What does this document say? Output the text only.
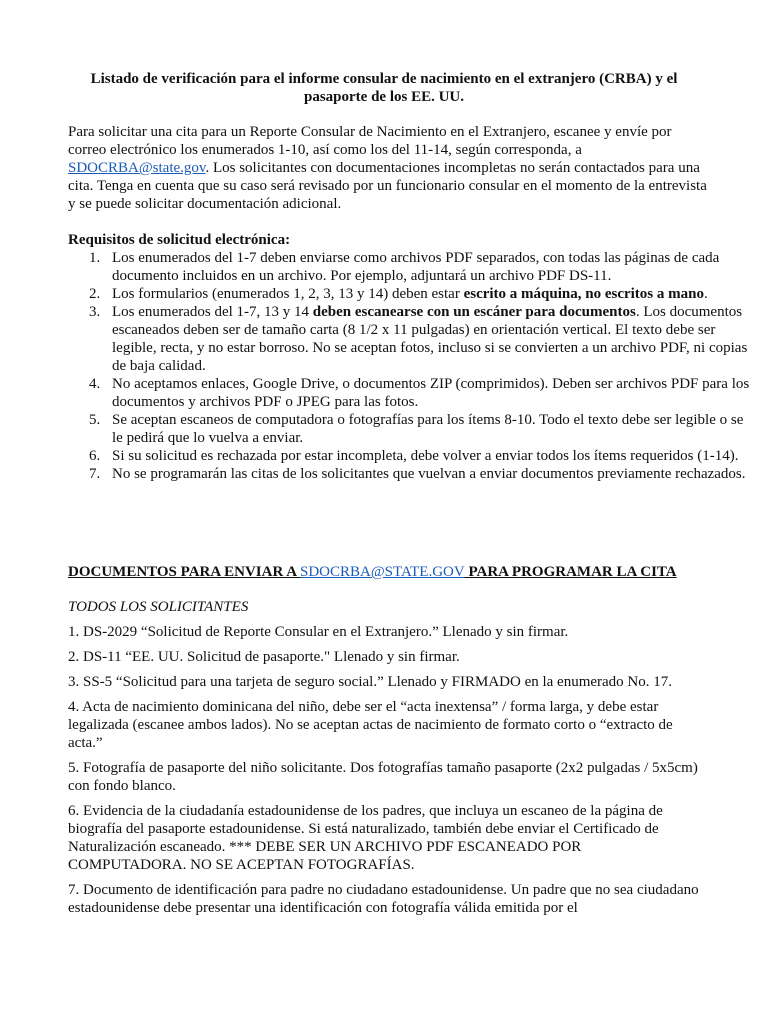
Listado de verificación para el informe consular de nacimiento en el extranjero (CRBA) y el pasaporte de los EE. UU.
Para solicitar una cita para un Reporte Consular de Nacimiento en el Extranjero, escanee y envíe por correo electrónico los enumerados 1-10, así como los del 11-14, según corresponda, a SDOCRBA@state.gov. Los solicitantes con documentaciones incompletas no serán contactados para una cita. Tenga en cuenta que su caso será revisado por un funcionario consular en el momento de la entrevista y se puede solicitar documentación adicional.
Requisitos de solicitud electrónica:
1. Los enumerados del 1-7 deben enviarse como archivos PDF separados, con todas las páginas de cada documento incluidos en un archivo. Por ejemplo, adjuntará un archivo PDF DS-11.
2. Los formularios (enumerados 1, 2, 3, 13 y 14) deben estar escrito a máquina, no escritos a mano.
3. Los enumerados del 1-7, 13 y 14 deben escanearse con un escáner para documentos. Los documentos escaneados deben ser de tamaño carta (8 1/2 x 11 pulgadas) en orientación vertical. El texto debe ser legible, recta, y no estar borroso. No se aceptan fotos, incluso si se convierten a un archivo PDF, ni copias de baja calidad.
4. No aceptamos enlaces, Google Drive, o documentos ZIP (comprimidos). Deben ser archivos PDF para los documentos y archivos PDF o JPEG para las fotos.
5. Se aceptan escaneos de computadora o fotografías para los ítems 8-10. Todo el texto debe ser legible o se le pedirá que lo vuelva a enviar.
6. Si su solicitud es rechazada por estar incompleta, debe volver a enviar todos los ítems requeridos (1-14).
7. No se programarán las citas de los solicitantes que vuelvan a enviar documentos previamente rechazados.
DOCUMENTOS PARA ENVIAR A SDOCRBA@STATE.GOV PARA PROGRAMAR LA CITA
TODOS LOS SOLICITANTES
1. DS-2029 “Solicitud de Reporte Consular en el Extranjero.” Llenado y sin firmar.
2. DS-11 “EE. UU. Solicitud de pasaporte." Llenado y sin firmar.
3. SS-5 “Solicitud para una tarjeta de seguro social.” Llenado y FIRMADO en la enumerado No. 17.
4. Acta de nacimiento dominicana del niño, debe ser el “acta inextensa” / forma larga, y debe estar legalizada (escanee ambos lados). No se aceptan actas de nacimiento de formato corto o “extracto de acta.”
5. Fotografía de pasaporte del niño solicitante. Dos fotografías tamaño pasaporte (2x2 pulgadas / 5x5cm) con fondo blanco.
6. Evidencia de la ciudadanía estadounidense de los padres, que incluya un escaneo de la página de biografía del pasaporte estadounidense. Si está naturalizado, también debe enviar el Certificado de Naturalización escaneado. *** DEBE SER UN ARCHIVO PDF ESCANEADO POR COMPUTADORA. NO SE ACEPTAN FOTOGRAFÍAS.
7. Documento de identificación para padre no ciudadano estadounidense. Un padre que no sea ciudadano estadounidense debe presentar una identificación con fotografía válida emitida por el
